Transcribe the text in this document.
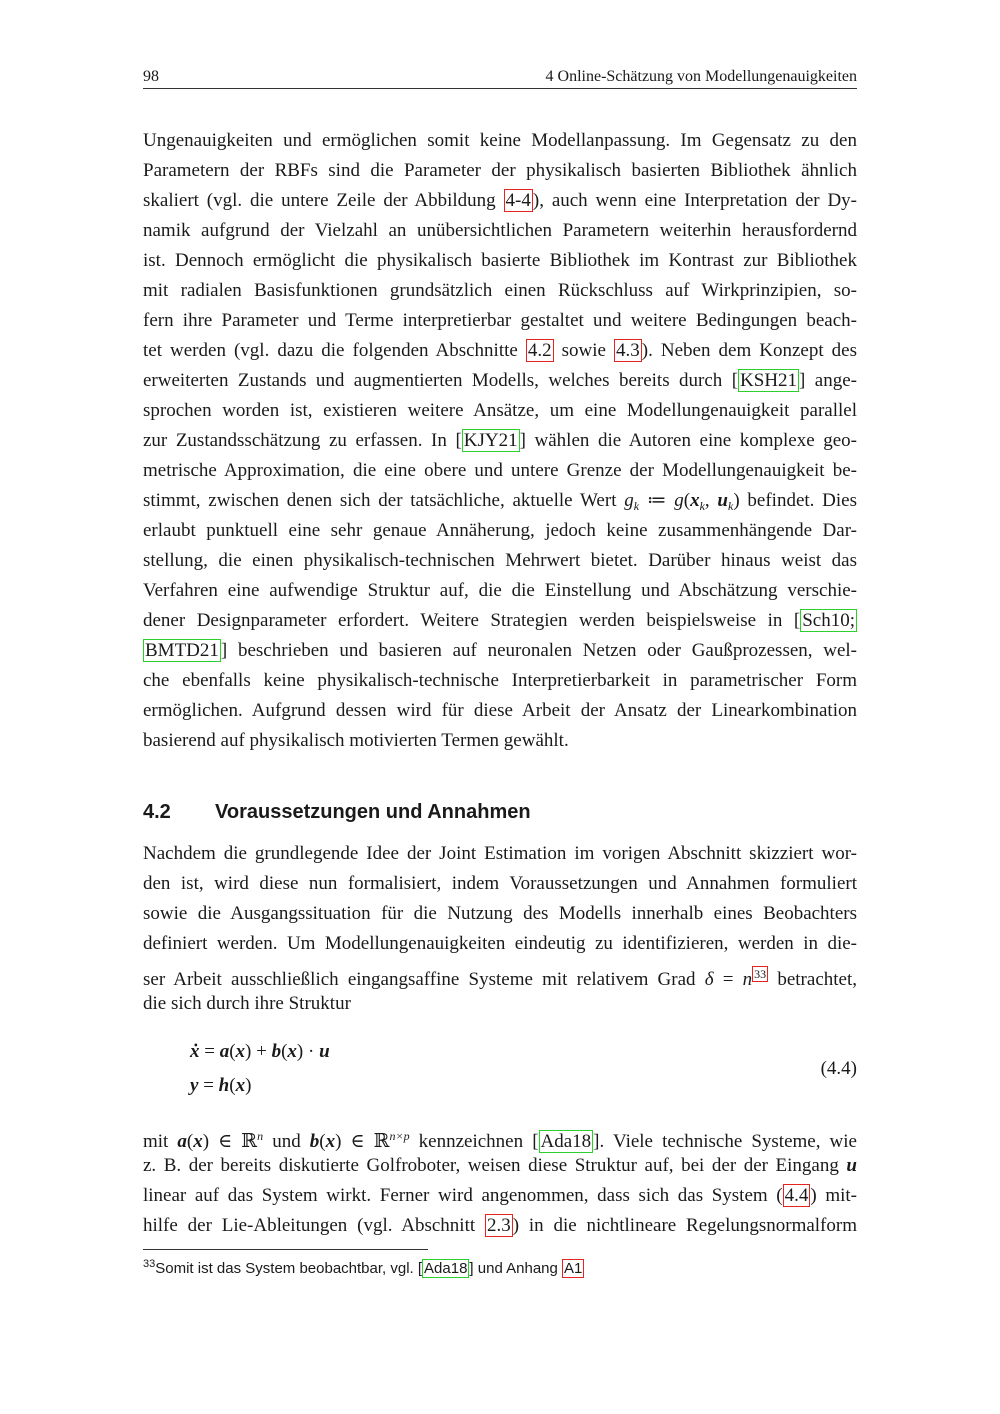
98	4 Online-Schätzung von Modellungenauigkeiten
Ungenauigkeiten und ermöglichen somit keine Modellanpassung. Im Gegensatz zu den
Parametern der RBFs sind die Parameter der physikalisch basierten Bibliothek ähnlich
skaliert (vgl. die untere Zeile der Abbildung 4-4 ), auch wenn eine Interpretation der Dy-
namik aufgrund der Vielzahl an unübersichtlichen Parametern weiterhin herausfordernd
ist. Dennoch ermöglicht die physikalisch basierte Bibliothek im Kontrast zur Bibliothek
mit radialen Basisfunktionen grundsätzlich einen Rückschluss auf Wirkprinzipien, so-
fern ihre Parameter und Terme interpretierbar gestaltet und weitere Bedingungen beach-
tet werden (vgl. dazu die folgenden Abschnitte 4.2 sowie 4.3 ). Neben dem Konzept des
erweiterten Zustands und augmentierten Modells, welches bereits durch [ KSH21 ] ange-
sprochen worden ist, existieren weitere Ansätze, um eine Modellungenauigkeit parallel
zur Zustandsschätzung zu erfassen. In [ KJY21 ] wählen die Autoren eine komplexe geo-
metrische Approximation, die eine obere und untere Grenze der Modellungenauigkeit be-
stimmt, zwischen denen sich der tatsächliche, aktuelle Wert $g_k$ ≔ $g(x_k$, $u_k$) befindet. Dies
erlaubt punktuell eine sehr genaue Annäherung, jedoch keine zusammenhängende Dar-
stellung, die einen physikalisch-technischen Mehrwert bietet. Darüber hinaus weist das
Verfahren eine aufwendige Struktur auf, die die Einstellung und Abschätzung verschie-
dener Designparameter erfordert. Weitere Strategien werden beispielsweise in [ Sch10;
BMTD21 ] beschrieben und basieren auf neuronalen Netzen oder Gaußprozessen, wel-
che ebenfalls keine physikalisch-technische Interpretierbarkeit in parametrischer Form
ermöglichen. Aufgrund dessen wird für diese Arbeit der Ansatz der Linearkombination
basierend auf physikalisch motivierten Termen gewählt.
4.2 Voraussetzungen und Annahmen
Nachdem die grundlegende Idee der Joint Estimation im vorigen Abschnitt skizziert wor-
den ist, wird diese nun formalisiert, indem Voraussetzungen und Annahmen formuliert
sowie die Ausgangssituation für die Nutzung des Modells innerhalb eines Beobachters
definiert werden. Um Modellungenauigkeiten eindeutig zu identifizieren, werden in die-
ser Arbeit ausschließlich eingangsaffine Systeme mit relativem Grad δ = n $^{33}$ betrachtet,
die sich durch ihre Struktur
ẋ = a(x) + b(x) · u
y = h(x)
(4.4)
mit a(x) ∈ ℝ$^n$ und b(x) ∈ ℝ$^{n\times p}$ kennzeichnen [ Ada18 ]. Viele technische Systeme, wie
z. B. der bereits diskutierte Golfroboter, weisen diese Struktur auf, bei der der Eingang u
linear auf das System wirkt. Ferner wird angenommen, dass sich das System ( 4.4 ) mit-
hilfe der Lie-Ableitungen (vgl. Abschnitt 2.3 ) in die nichtlineare Regelungsnormalform
$^{33}$Somit ist das System beobachtbar, vgl. [ Ada18 ] und Anhang A1
